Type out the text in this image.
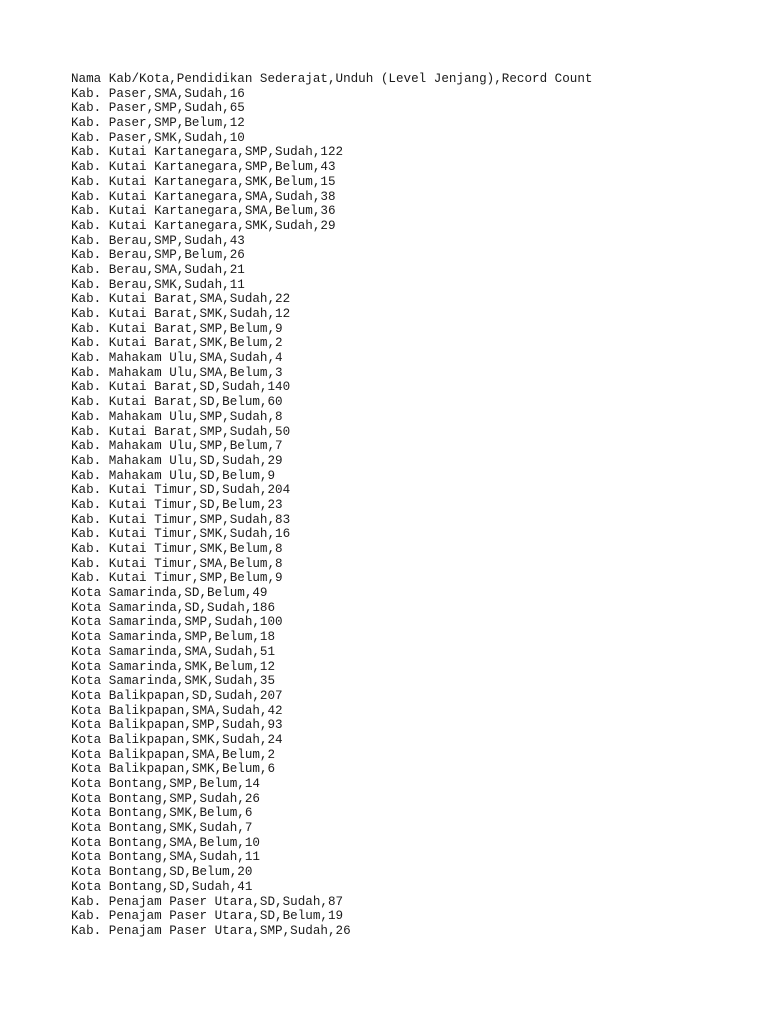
Nama Kab/Kota,Pendidikan Sederajat,Unduh (Level Jenjang),Record Count
Kab. Paser,SMA,Sudah,16
Kab. Paser,SMP,Sudah,65
Kab. Paser,SMP,Belum,12
Kab. Paser,SMK,Sudah,10
Kab. Kutai Kartanegara,SMP,Sudah,122
Kab. Kutai Kartanegara,SMP,Belum,43
Kab. Kutai Kartanegara,SMK,Belum,15
Kab. Kutai Kartanegara,SMA,Sudah,38
Kab. Kutai Kartanegara,SMA,Belum,36
Kab. Kutai Kartanegara,SMK,Sudah,29
Kab. Berau,SMP,Sudah,43
Kab. Berau,SMP,Belum,26
Kab. Berau,SMA,Sudah,21
Kab. Berau,SMK,Sudah,11
Kab. Kutai Barat,SMA,Sudah,22
Kab. Kutai Barat,SMK,Sudah,12
Kab. Kutai Barat,SMP,Belum,9
Kab. Kutai Barat,SMK,Belum,2
Kab. Mahakam Ulu,SMA,Sudah,4
Kab. Mahakam Ulu,SMA,Belum,3
Kab. Kutai Barat,SD,Sudah,140
Kab. Kutai Barat,SD,Belum,60
Kab. Mahakam Ulu,SMP,Sudah,8
Kab. Kutai Barat,SMP,Sudah,50
Kab. Mahakam Ulu,SMP,Belum,7
Kab. Mahakam Ulu,SD,Sudah,29
Kab. Mahakam Ulu,SD,Belum,9
Kab. Kutai Timur,SD,Sudah,204
Kab. Kutai Timur,SD,Belum,23
Kab. Kutai Timur,SMP,Sudah,83
Kab. Kutai Timur,SMK,Sudah,16
Kab. Kutai Timur,SMK,Belum,8
Kab. Kutai Timur,SMA,Belum,8
Kab. Kutai Timur,SMP,Belum,9
Kota Samarinda,SD,Belum,49
Kota Samarinda,SD,Sudah,186
Kota Samarinda,SMP,Sudah,100
Kota Samarinda,SMP,Belum,18
Kota Samarinda,SMA,Sudah,51
Kota Samarinda,SMK,Belum,12
Kota Samarinda,SMK,Sudah,35
Kota Balikpapan,SD,Sudah,207
Kota Balikpapan,SMA,Sudah,42
Kota Balikpapan,SMP,Sudah,93
Kota Balikpapan,SMK,Sudah,24
Kota Balikpapan,SMA,Belum,2
Kota Balikpapan,SMK,Belum,6
Kota Bontang,SMP,Belum,14
Kota Bontang,SMP,Sudah,26
Kota Bontang,SMK,Belum,6
Kota Bontang,SMK,Sudah,7
Kota Bontang,SMA,Belum,10
Kota Bontang,SMA,Sudah,11
Kota Bontang,SD,Belum,20
Kota Bontang,SD,Sudah,41
Kab. Penajam Paser Utara,SD,Sudah,87
Kab. Penajam Paser Utara,SD,Belum,19
Kab. Penajam Paser Utara,SMP,Sudah,26
